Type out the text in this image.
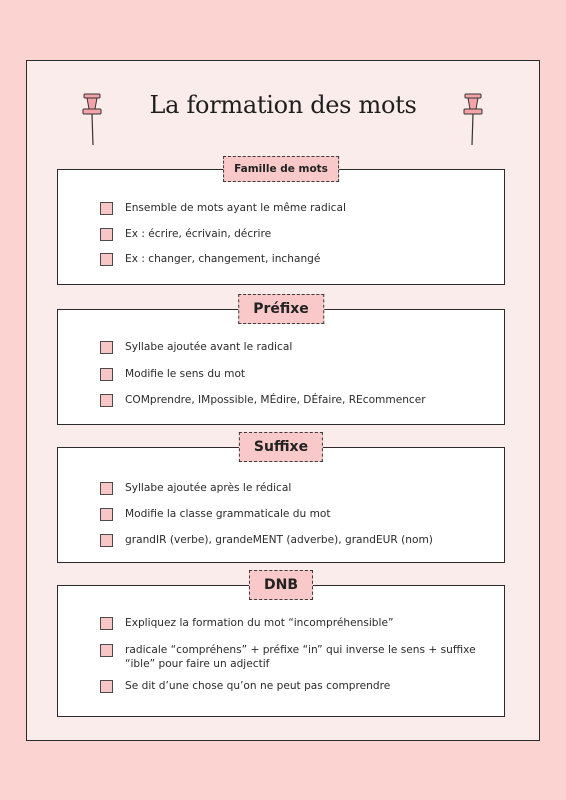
La formation des mots
Famille de mots
Ensemble de mots ayant le même radical
Ex : écrire, écrivain, décrire
Ex : changer, changement, inchangé
Préfixe
Syllabe ajoutée avant le radical
Modifie le sens du mot
COMprendre, IMpossible, MÉdire, DÉfaire, REcommencer
Suffixe
Syllabe ajoutée après le rédical
Modifie la classe grammaticale du mot
grandIR (verbe), grandeMENT (adverbe), grandEUR (nom)
DNB
Expliquez la formation du mot “incompréhensible”
radicale “compréhens” + préfixe “in” qui inverse le sens + suffixe “ible” pour faire un adjectif
Se dit d’une chose qu’on ne peut pas comprendre
